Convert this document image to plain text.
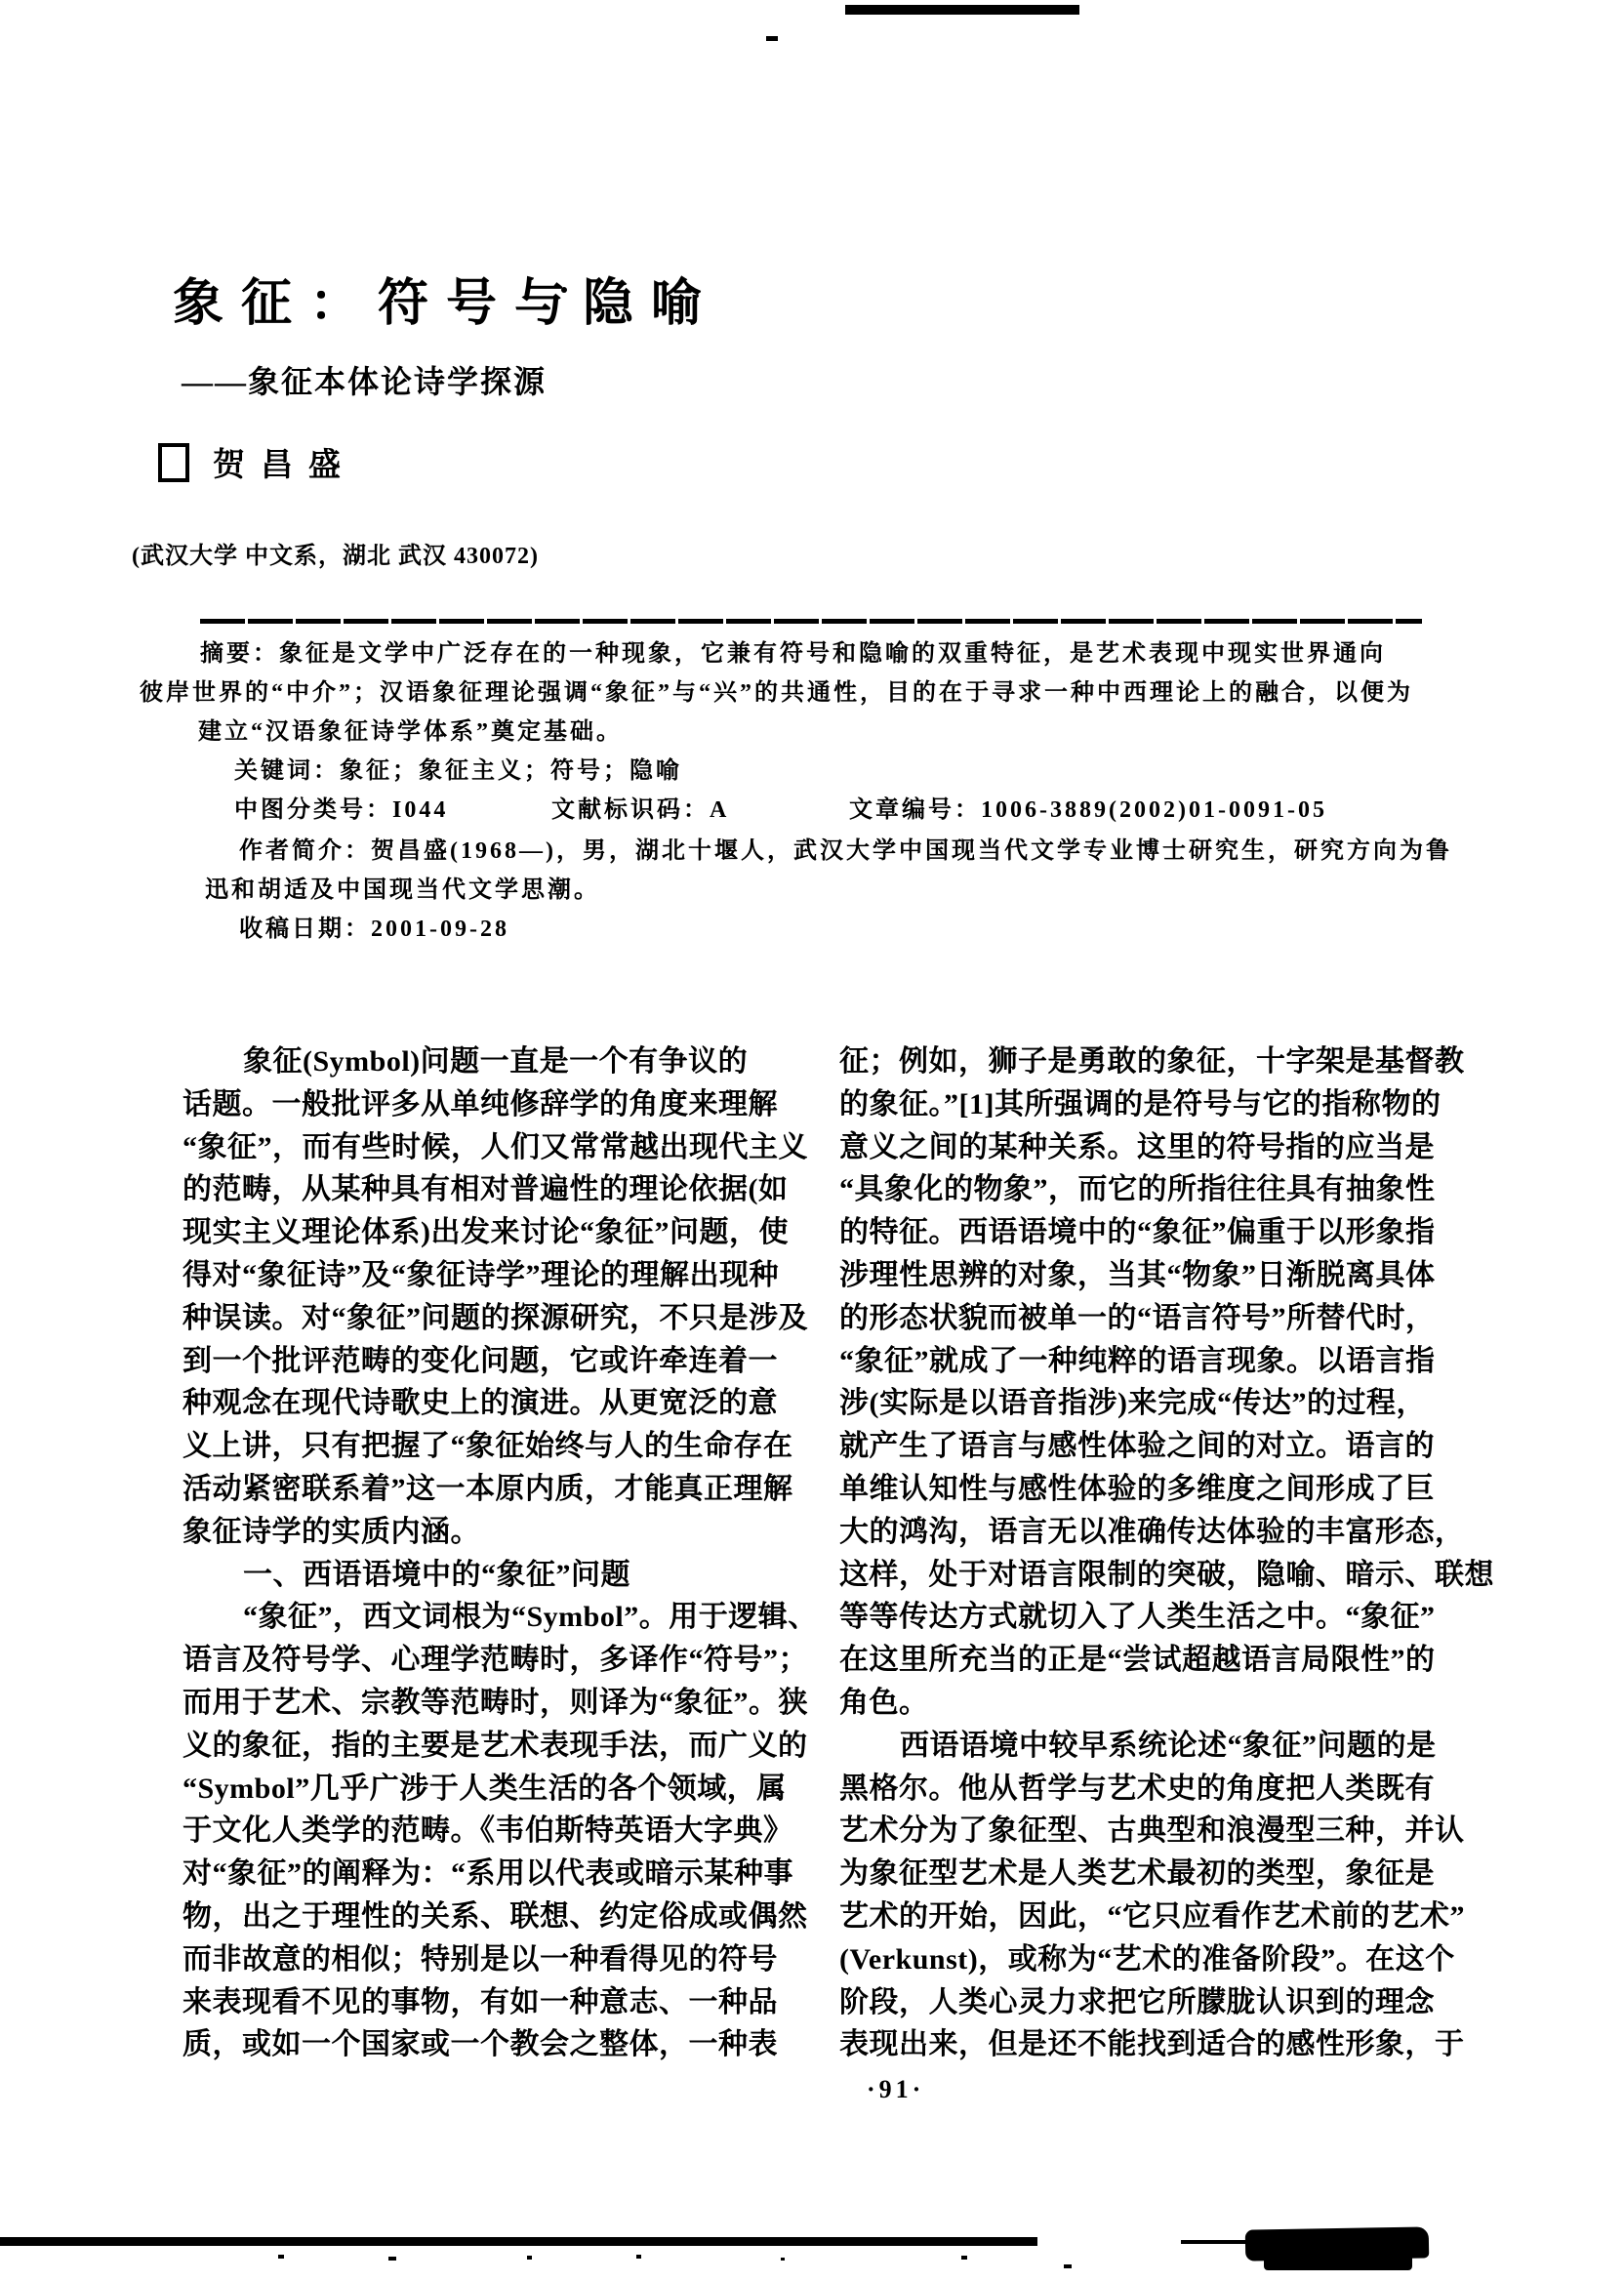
象征：符号与隐喻
——象征本体论诗学探源
贺昌盛
(武汉大学 中文系，湖北 武汉 430072)
摘要：象征是文学中广泛存在的一种现象，它兼有符号和隐喻的双重特征，是艺术表现中现实世界通向
彼岸世界的“中介”；汉语象征理论强调“象征”与“兴”的共通性，目的在于寻求一种中西理论上的融合，以便为
建立“汉语象征诗学体系”奠定基础。
关键词：象征；象征主义；符号；隐喻
中图分类号：I044	文献标识码：A	文章编号：1006-3889(2002)01-0091-05
作者简介：贺昌盛(1968—)，男，湖北十堰人，武汉大学中国现当代文学专业博士研究生，研究方向为鲁
迅和胡适及中国现当代文学思潮。
收稿日期：2001-09-28
象征(Symbol)问题一直是一个有争议的
话题。一般批评多从单纯修辞学的角度来理解
“象征”，而有些时候，人们又常常越出现代主义
的范畴，从某种具有相对普遍性的理论依据(如
现实主义理论体系)出发来讨论“象征”问题，使
得对“象征诗”及“象征诗学”理论的理解出现种
种误读。对“象征”问题的探源研究，不只是涉及
到一个批评范畴的变化问题，它或许牵连着一
种观念在现代诗歌史上的演进。从更宽泛的意
义上讲，只有把握了“象征始终与人的生命存在
活动紧密联系着”这一本原内质，才能真正理解
象征诗学的实质内涵。
一、西语语境中的“象征”问题
“象征”，西文词根为“Symbol”。用于逻辑、
语言及符号学、心理学范畴时，多译作“符号”；
而用于艺术、宗教等范畴时，则译为“象征”。狭
义的象征，指的主要是艺术表现手法，而广义的
“Symbol”几乎广涉于人类生活的各个领域，属
于文化人类学的范畴。《韦伯斯特英语大字典》
对“象征”的阐释为：“系用以代表或暗示某种事
物，出之于理性的关系、联想、约定俗成或偶然
而非故意的相似；特别是以一种看得见的符号
来表现看不见的事物，有如一种意志、一种品
质，或如一个国家或一个教会之整体，一种表
征；例如，狮子是勇敢的象征，十字架是基督教
的象征。”[1]其所强调的是符号与它的指称物的
意义之间的某种关系。这里的符号指的应当是
“具象化的物象”，而它的所指往往具有抽象性
的特征。西语语境中的“象征”偏重于以形象指
涉理性思辨的对象，当其“物象”日渐脱离具体
的形态状貌而被单一的“语言符号”所替代时，
“象征”就成了一种纯粹的语言现象。以语言指
涉(实际是以语音指涉)来完成“传达”的过程，
就产生了语言与感性体验之间的对立。语言的
单维认知性与感性体验的多维度之间形成了巨
大的鸿沟，语言无以准确传达体验的丰富形态，
这样，处于对语言限制的突破，隐喻、暗示、联想
等等传达方式就切入了人类生活之中。“象征”
在这里所充当的正是“尝试超越语言局限性”的
角色。
西语语境中较早系统论述“象征”问题的是
黑格尔。他从哲学与艺术史的角度把人类既有
艺术分为了象征型、古典型和浪漫型三种，并认
为象征型艺术是人类艺术最初的类型，象征是
艺术的开始，因此，“它只应看作艺术前的艺术”
(Verkunst)，或称为“艺术的准备阶段”。在这个
阶段，人类心灵力求把它所朦胧认识到的理念
表现出来，但是还不能找到适合的感性形象，于
·91·
